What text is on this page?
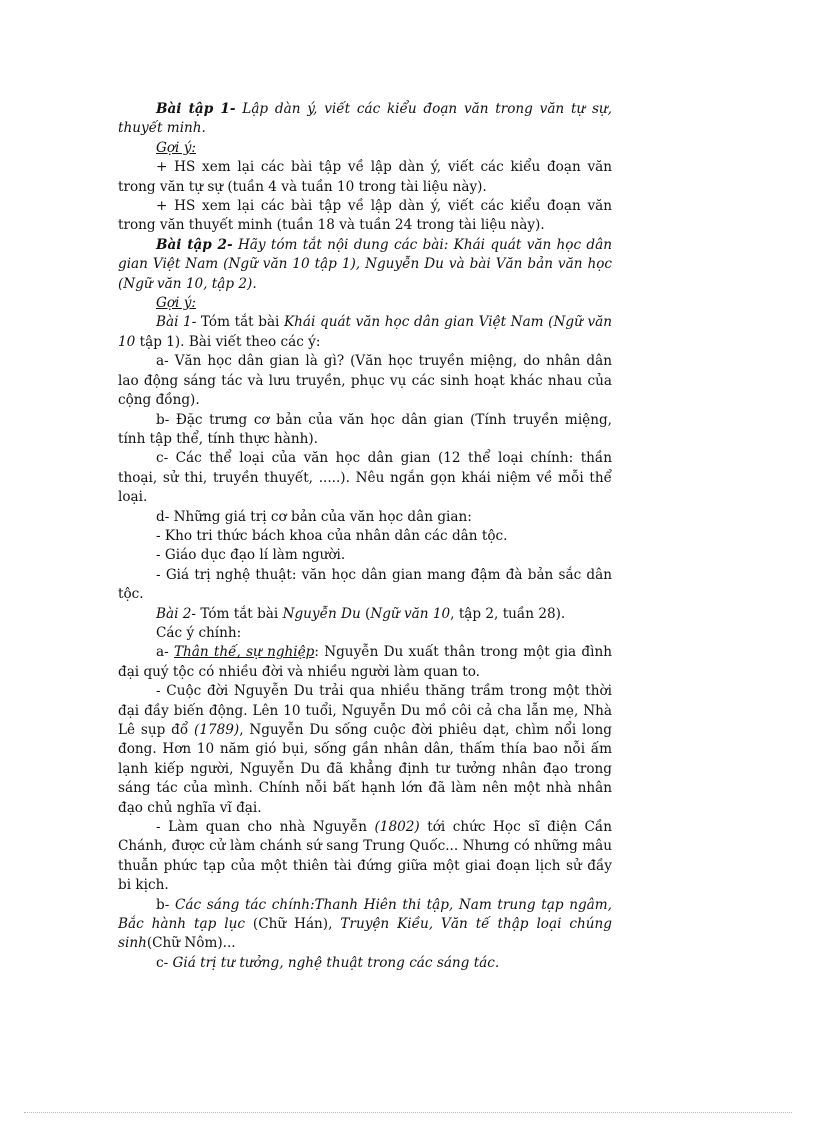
Bài tập 1- Lập dàn ý, viết các kiểu đoạn văn trong văn tự sự, thuyết minh.

Gợi ý:

+ HS xem lại các bài tập về lập dàn ý, viết các kiểu đoạn văn trong văn tự sự (tuần 4 và tuần 10 trong tài liệu này).

+ HS xem lại các bài tập về lập dàn ý, viết các kiểu đoạn văn trong văn thuyết minh (tuần 18 và tuần 24 trong tài liệu này).

Bài tập 2- Hãy tóm tắt nội dung các bài: Khái quát văn học dân gian Việt Nam (Ngữ văn 10 tập 1), Nguyễn Du và bài Văn bản văn học (Ngữ văn 10, tập 2).

Gợi ý:

Bài 1- Tóm tắt bài Khái quát văn học dân gian Việt Nam (Ngữ văn 10 tập 1). Bài viết theo các ý:

a- Văn học dân gian là gì? (Văn học truyền miệng, do nhân dân lao động sáng tác và lưu truyền, phục vụ các sinh hoạt khác nhau của cộng đồng).

b- Đặc trưng cơ bản của văn học dân gian (Tính truyền miệng, tính tập thể, tính thực hành).

c- Các thể loại của văn học dân gian (12 thể loại chính: thần thoại, sử thi, truyền thuyết, .....). Nêu ngắn gọn khái niệm về mỗi thể loại.

d- Những giá trị cơ bản của văn học dân gian:

- Kho tri thức bách khoa của nhân dân các dân tộc.

- Giáo dục đạo lí làm người.

- Giá trị nghệ thuật: văn học dân gian mang đậm đà bản sắc dân tộc.

Bài 2- Tóm tắt bài Nguyễn Du (Ngữ văn 10, tập 2, tuần 28).

Các ý chính:

a- Thân thế, sự nghiệp: Nguyễn Du xuất thân trong một gia đình đại quý tộc có nhiều đời và nhiều người làm quan to.

- Cuộc đời Nguyễn Du trải qua nhiều thăng trầm trong một thời đại đầy biến động. Lên 10 tuổi, Nguyễn Du mồ côi cả cha lẫn mẹ, Nhà Lê sụp đổ (1789), Nguyễn Du sống cuộc đời phiêu dạt, chìm nổi long đong. Hơn 10 năm gió bụi, sống gần nhân dân, thấm thía bao nỗi ấm lạnh kiếp người, Nguyễn Du đã khẳng định tư tưởng nhân đạo trong sáng tác của mình. Chính nỗi bất hạnh lớn đã làm nên một nhà nhân đạo chủ nghĩa vĩ đại.

- Làm quan cho nhà Nguyễn (1802) tới chức Học sĩ điện Cần Chánh, được cử làm chánh sứ sang Trung Quốc... Nhưng có những mâu thuẫn phức tạp của một thiên tài đứng giữa một giai đoạn lịch sử đầy bi kịch.

b- Các sáng tác chính:Thanh Hiên thi tập, Nam trung tạp ngâm, Bắc hành tạp lục (Chữ Hán), Truyện Kiều, Văn tế thập loại chúng sinh(Chữ Nôm)...

c- Giá trị tư tưởng, nghệ thuật trong các sáng tác.
